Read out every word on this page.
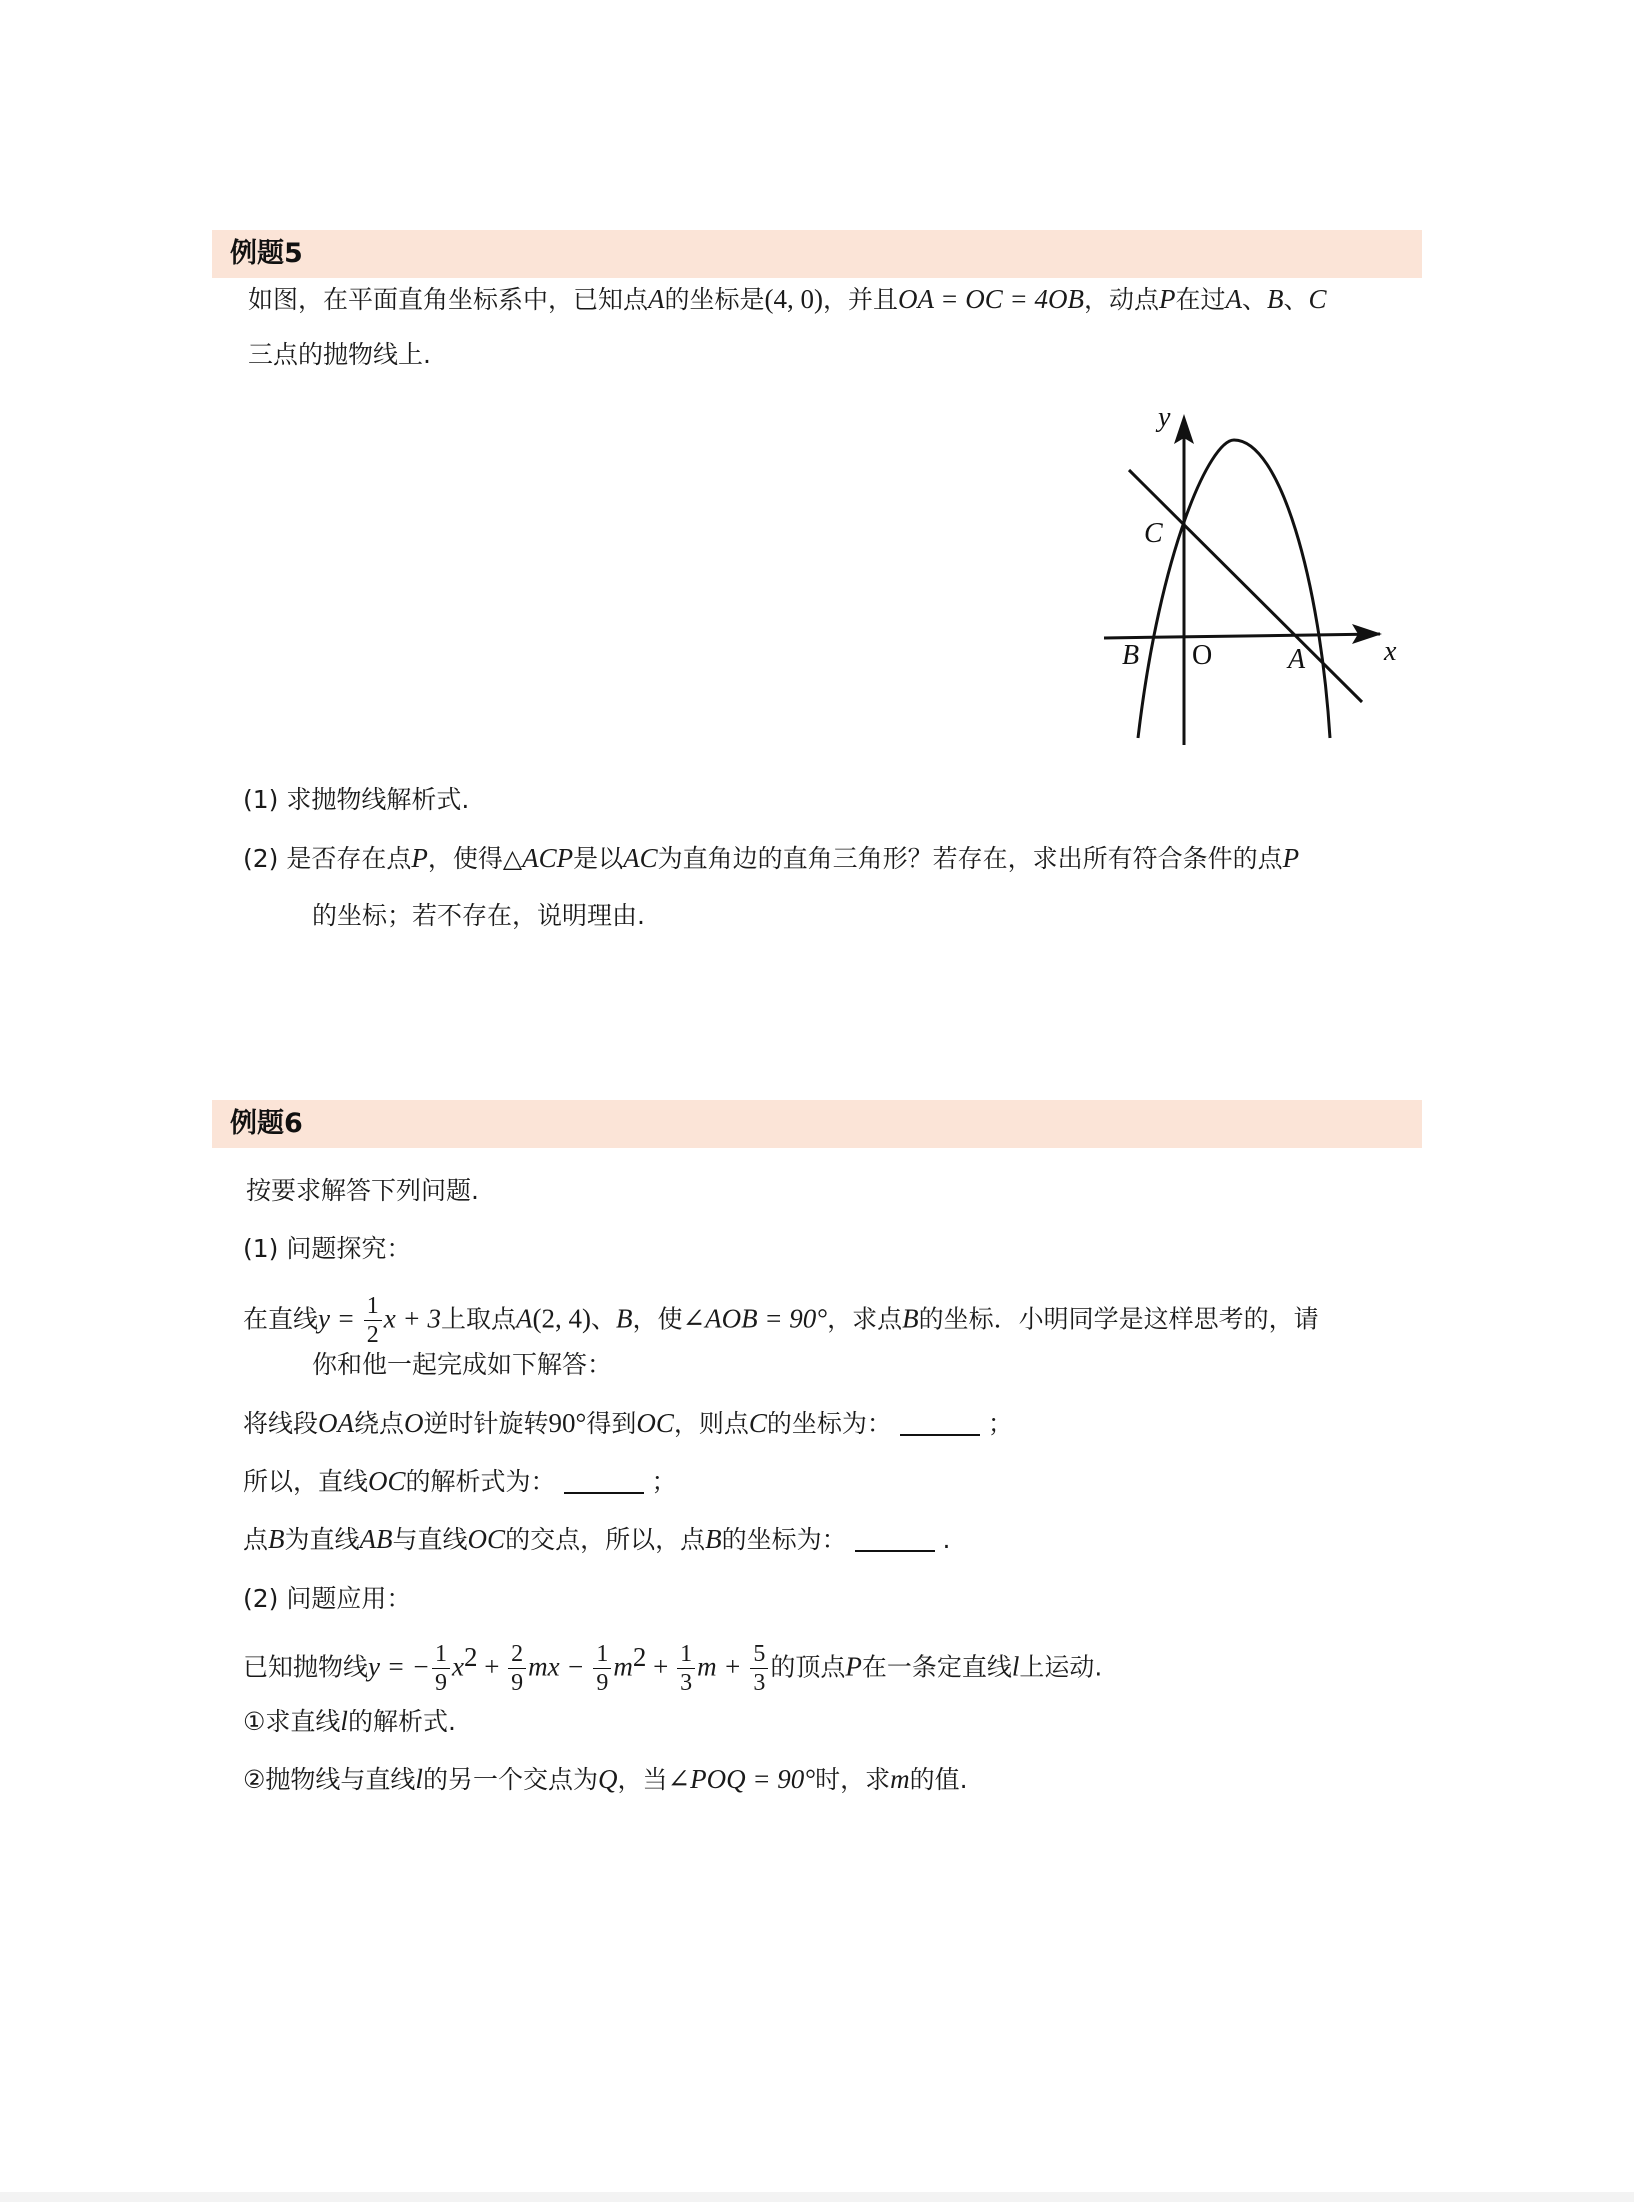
例题5
如图，在平面直角坐标系中，已知点A的坐标是(4, 0)，并且OA = OC = 4OB，动点P在过A、B、C
三点的抛物线上.
y
x
C
B O	A
(1) 求抛物线解析式.
(2) 是否存在点P，使得△ACP是以AC为直角边的直角三角形？若存在，求出所有符合条件的点P
的坐标；若不存在，说明理由.
例题6
按要求解答下列问题.
(1) 问题探究：
在直线$y = \frac{1}{2}$ x + 3上取点A(2, 4)、B，使∠AOB = 90°，求点B的坐标．小明同学是这样思考的，请
你和他一起完成如下解答：
将线段OA绕点O逆时针旋转90°得到OC，则点C的坐标为：	；
所以，直线OC的解析式为：	；
点B为直线AB与直线OC的交点，所以，点B的坐标为：	.
(2) 问题应用：
已知抛物线y = − $\frac{1}{9} x^2 + \frac{2}{9}$ mx − $\frac{1}{9} m^2 + \frac{1}{3}$ $m + \frac{5}{3}$ 的顶点P在一条定直线l上运动.
①求直线l的解析式.
②抛物线与直线l的另一个交点为Q，当∠POQ = 90°时，求m的值.
